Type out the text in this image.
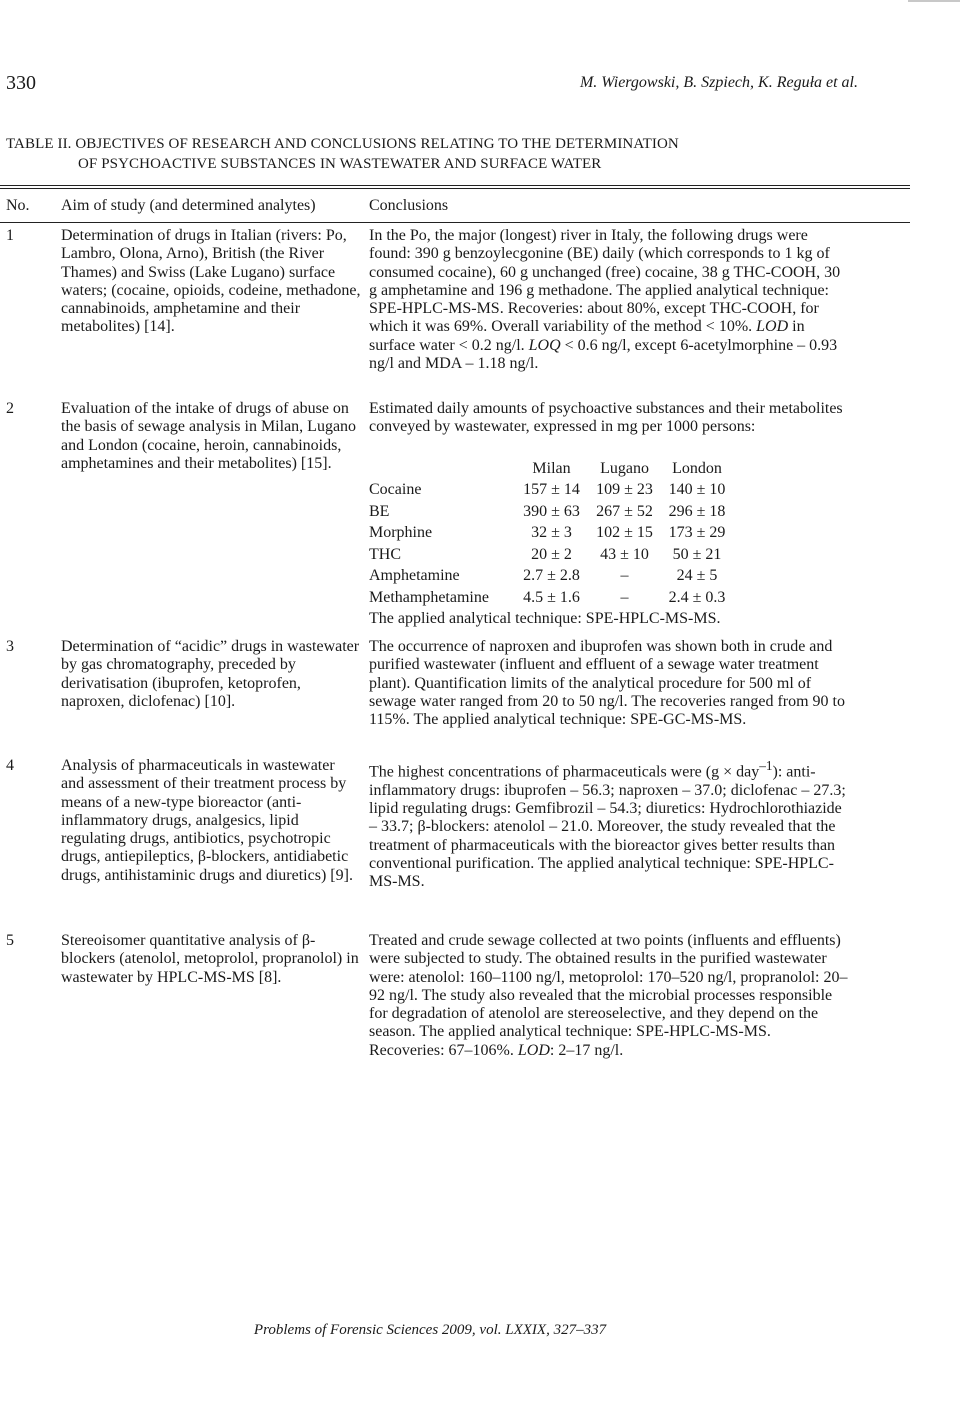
330	M. Wiergowski, B. Szpiech, K. Reguła et al.
TABLE II. OBJECTIVES OF RESEARCH AND CONCLUSIONS RELATING TO THE DETERMINATION
OF PSYCHOACTIVE SUBSTANCES IN WASTEWATER AND SURFACE WATER
No. Aim of study (and determined analytes)	Conclusions
1	Determination of drugs in Italian (rivers: Po, Lambro, Olona, Arno), British (the River Thames) and Swiss (Lake Lugano) surface waters; (cocaine, opioids, codeine, methadone, cannabinoids, amphetamine and their metabolites) [14].
In the Po, the major (longest) river in Italy, the following drugs were found: 390 g benzoylecgonine (BE) daily (which corresponds to 1 kg of consumed cocaine), 60 g unchanged (free) cocaine, 38 g THC-COOH, 30 g amphetamine and 196 g methadone. The applied analytical technique: SPE-HPLC-MS-MS. Recoveries: about 80%, except THC-COOH, for which it was 69%. Overall variability of the method < 10%. LOD in surface water < 0.2 ng/l. LOQ < 0.6 ng/l, except 6-acetylmorphine – 0.93 ng/l and MDA – 1.18 ng/l.
2	Evaluation of the intake of drugs of abuse on the basis of sewage analysis in Milan, Lugano and London (cocaine, heroin, cannabinoids, amphetamines and their metabolites) [15].
Estimated daily amounts of psychoactive substances and their metabolites conveyed by wastewater, expressed in mg per 1000 persons:
	Milan	Lugano	London
Cocaine	157 ± 14	109 ± 23	140 ± 10
BE	390 ± 63	267 ± 52	296 ± 18
Morphine	32 ± 3	102 ± 15	173 ± 29
THC	20 ± 2	43 ± 10	50 ± 21
Amphetamine	2.7 ± 2.8	–	24 ± 5
Methamphetamine	4.5 ± 1.6	–	2.4 ± 0.3
The applied analytical technique: SPE-HPLC-MS-MS.
3	Determination of “acidic” drugs in wastewater by gas chromatography, preceded by derivatisation (ibuprofen, ketoprofen, naproxen, diclofenac) [10].
The occurrence of naproxen and ibuprofen was shown both in crude and purified wastewater (influent and effluent of a sewage water treatment plant). Quantification limits of the analytical procedure for 500 ml of sewage water ranged from 20 to 50 ng/l. The recoveries ranged from 90 to 115%. The applied analytical technique: SPE-GC-MS-MS.
4	Analysis of pharmaceuticals in wastewater and assessment of their treatment process by means of a new-type bioreactor (anti-inflammatory drugs, analgesics, lipid regulating drugs, antibiotics, psychotropic drugs, antiepileptics, β-blockers, antidiabetic drugs, antihistaminic drugs and diuretics) [9].
The highest concentrations of pharmaceuticals were (g × day$^{-1}$): anti-inflammatory drugs: ibuprofen – 56.3; naproxen – 37.0; diclofenac – 27.3; lipid regulating drugs: Gemfibrozil – 54.3; diuretics: Hydrochlorothiazide – 33.7; β-blockers: atenolol – 21.0. Moreover, the study revealed that the treatment of pharmaceuticals with the bioreactor gives better results than conventional purification. The applied analytical technique: SPE-HPLC-MS-MS.
5	Stereoisomer quantitative analysis of β-blockers (atenolol, metoprolol, propranolol) in wastewater by HPLC-MS-MS [8].
Treated and crude sewage collected at two points (influents and effluents) were subjected to study. The obtained results in the purified wastewater were: atenolol: 160–1100 ng/l, metoprolol: 170–520 ng/l, propranolol: 20–92 ng/l. The study also revealed that the microbial processes responsible for degradation of atenolol are stereoselective, and they depend on the season. The applied analytical technique: SPE-HPLC-MS-MS. Recoveries: 67–106%. LOD: 2–17 ng/l.
Problems of Forensic Sciences 2009, vol. LXXIX, 327–337
